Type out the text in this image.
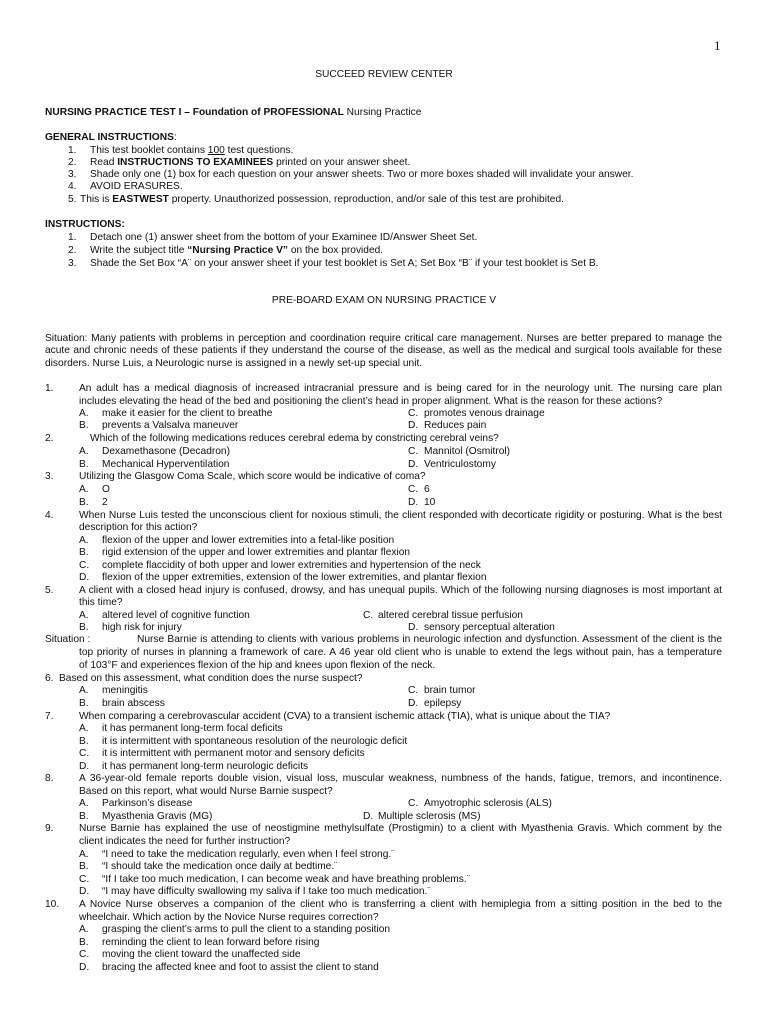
1
SUCCEED REVIEW CENTER
NURSING PRACTICE TEST I – Foundation of PROFESSIONAL Nursing Practice
GENERAL INSTRUCTIONS:
1. This test booklet contains 100 test questions.
2. Read INSTRUCTIONS TO EXAMINEES printed on your answer sheet.
3. Shade only one (1) box for each question on your answer sheets. Two or more boxes shaded will invalidate your answer.
4. AVOID ERASURES.
5. This is EASTWEST property. Unauthorized possession, reproduction, and/or sale of this test are prohibited.
INSTRUCTIONS:
1. Detach one (1) answer sheet from the bottom of your Examinee ID/Answer Sheet Set.
2. Write the subject title “Nursing Practice V” on the box provided.
3. Shade the Set Box “A¨ on your answer sheet if your test booklet is Set A; Set Box “B¨ if your test booklet is Set B.
PRE-BOARD EXAM ON NURSING PRACTICE V
Situation: Many patients with problems in perception and coordination require critical care management. Nurses are better prepared to manage the
acute and chronic needs of these patients if they understand the course of the disease, as well as the medical and surgical tools available for these
disorders. Nurse Luis, a Neurologic nurse is assigned in a newly set-up special unit.
1.	An adult has a medical diagnosis of increased intracranial pressure and is being cared for in the neurology unit. The nursing care plan
includes elevating the head of the bed and positioning the client’s head in proper alignment. What is the reason for these actions?
A. make it easier for the client to breathe	C. promotes venous drainage
B. prevents a Valsalva maneuver	D. Reduces pain
2.	Which of the following medications reduces cerebral edema by constricting cerebral veins?
A. Dexamethasone (Decadron)	C. Mannitol (Osmitrol)
B. Mechanical Hyperventilation	D. Ventriculostomy
3.	Utilizing the Glasgow Coma Scale, which score would be indicative of coma?
A. O	C. 6
B. 2	D. 10
4.	When Nurse Luis tested the unconscious client for noxious stimuli, the client responded with decorticate rigidity or posturing. What is the best
description for this action?
A. flexion of the upper and lower extremities into a fetal-like position
B. rigid extension of the upper and lower extremities and plantar flexion
C. complete flaccidity of both upper and lower extremities and hypertension of the neck
D. flexion of the upper extremities, extension of the lower extremities, and plantar flexion
5.	A client with a closed head injury is confused, drowsy, and has unequal pupils. Which of the following nursing diagnoses is most important at
this time?
A. altered level of cognitive function	C. altered cerebral tissue perfusion
B. high risk for injury	D. sensory perceptual alteration
Situation :	Nurse Barnie is attending to clients with various problems in neurologic infection and dysfunction. Assessment of the client is the
top priority of nurses in planning a framework of care. A 46 year old client who is unable to extend the legs without pain, has a temperature
of 103°F and experiences flexion of the hip and knees upon flexion of the neck.
6. Based on this assessment, what condition does the nurse suspect?
A. meningitis	C. brain tumor
B. brain abscess	D. epilepsy
7.	When comparing a cerebrovascular accident (CVA) to a transient ischemic attack (TIA), what is unique about the TIA?
A. it has permanent long-term focal deficits
B. it is intermittent with spontaneous resolution of the neurologic deficit
C. it is intermittent with permanent motor and sensory deficits
D. it has permanent long-term neurologic deficits
8.	A 36-year-old female reports double vision, visual loss, muscular weakness, numbness of the hands, fatigue, tremors, and incontinence.
Based on this report, what would Nurse Barnie suspect?
A. Parkinson’s disease	C. Amyotrophic sclerosis (ALS)
B. Myasthenia Gravis (MG)	D. Multiple sclerosis (MS)
9.	Nurse Barnie has explained the use of neostigmine methylsulfate (Prostigmin) to a client with Myasthenia Gravis. Which comment by the
client indicates the need for further instruction?
A. “I need to take the medication regularly, even when I feel strong.¨
B. “I should take the medication once daily at bedtime.¨
C. “If I take too much medication, I can become weak and have breathing problems.¨
D. “I may have difficulty swallowing my saliva if I take too much medication.¨
10. A Novice Nurse observes a companion of the client who is transferring a client with hemiplegia from a sitting position in the bed to the
wheelchair. Which action by the Novice Nurse requires correction?
A. grasping the client’s arms to pull the client to a standing position
B. reminding the client to lean forward before rising
C. moving the client toward the unaffected side
D. bracing the affected knee and foot to assist the client to stand
